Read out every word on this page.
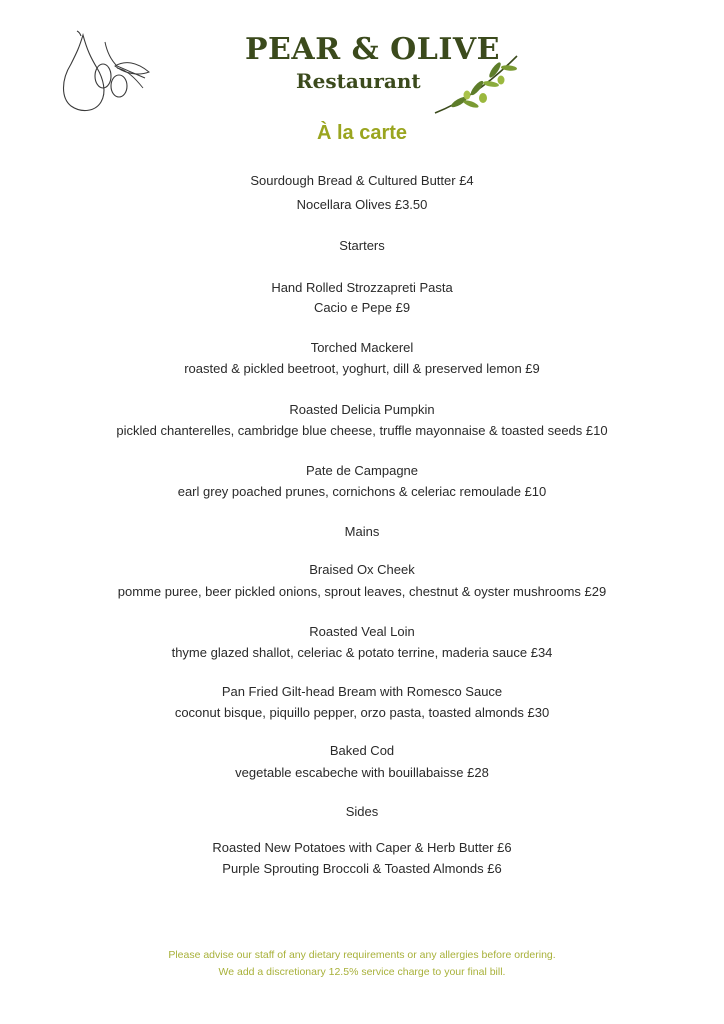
PEAR & OLIVE
Restaurant
À la carte
Sourdough Bread & Cultured Butter £4
Nocellara Olives £3.50
Starters
Hand Rolled Strozzapreti Pasta
Cacio e Pepe £9
Torched Mackerel
roasted & pickled beetroot, yoghurt, dill & preserved lemon £9
Roasted Delicia Pumpkin
pickled chanterelles, cambridge blue cheese, truffle mayonnaise & toasted seeds £10
Pate de Campagne
earl grey poached prunes, cornichons & celeriac remoulade £10
Mains
Braised Ox Cheek
pomme puree, beer pickled onions, sprout leaves, chestnut & oyster mushrooms £29
Roasted Veal Loin
thyme glazed shallot, celeriac & potato terrine, maderia sauce £34
Pan Fried Gilt-head Bream with Romesco Sauce
coconut bisque, piquillo pepper, orzo pasta, toasted almonds £30
Baked Cod
vegetable escabeche with bouillabaisse £28
Sides
Roasted New Potatoes with Caper & Herb Butter £6
Purple Sprouting Broccoli & Toasted Almonds £6
Please advise our staff of any dietary requirements or any allergies before ordering.
We add a discretionary 12.5% service charge to your final bill.
